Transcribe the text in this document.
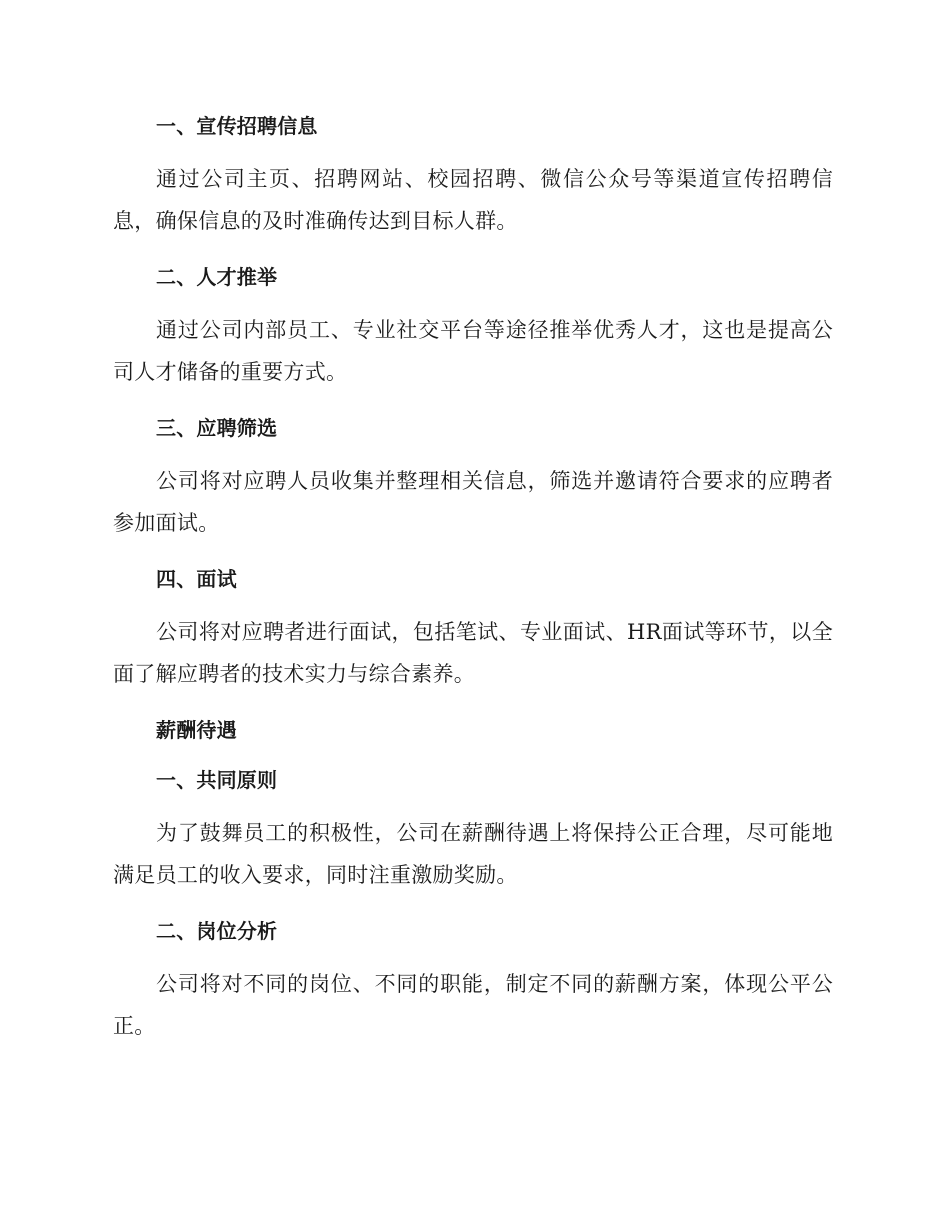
一、宣传招聘信息
通过公司主页、招聘网站、校园招聘、微信公众号等渠道宣传招聘信息，确保信息的及时准确传达到目标人群。
二、人才推举
通过公司内部员工、专业社交平台等途径推举优秀人才，这也是提高公司人才储备的重要方式。
三、应聘筛选
公司将对应聘人员收集并整理相关信息，筛选并邀请符合要求的应聘者参加面试。
四、面试
公司将对应聘者进行面试，包括笔试、专业面试、HR面试等环节，以全面了解应聘者的技术实力与综合素养。
薪酬待遇
一、共同原则
为了鼓舞员工的积极性，公司在薪酬待遇上将保持公正合理，尽可能地满足员工的收入要求，同时注重激励奖励。
二、岗位分析
公司将对不同的岗位、不同的职能，制定不同的薪酬方案，体现公平公正。
